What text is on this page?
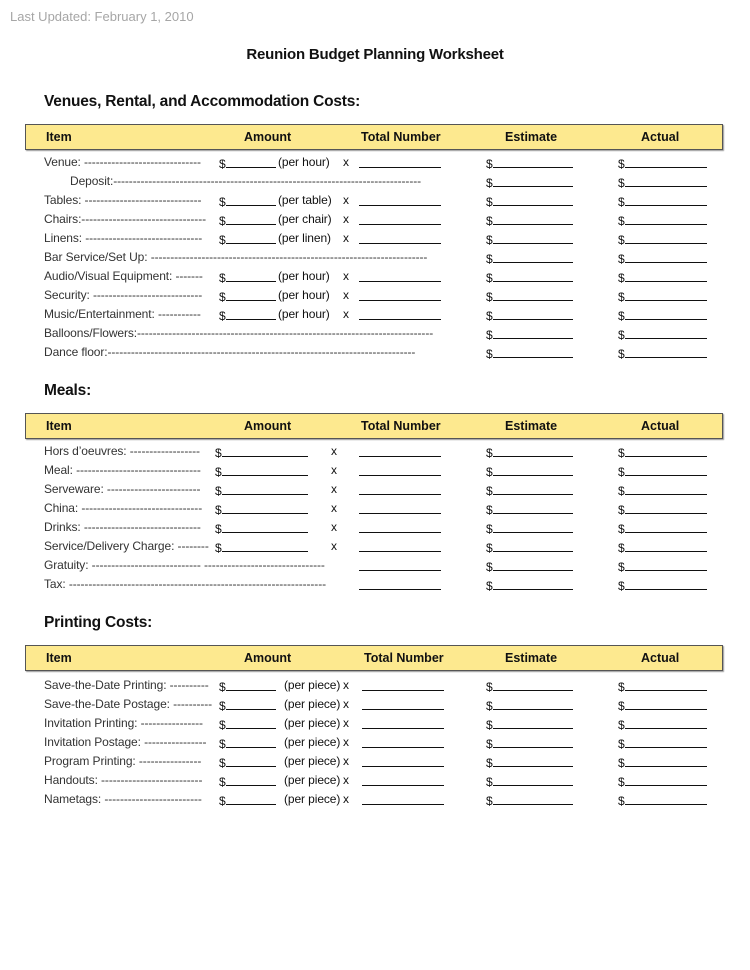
Last Updated: February 1, 2010
Reunion Budget Planning Worksheet
Venues, Rental, and Accommodation Costs:
Item	Amount	Total Number	Estimate	Actual
Venue: ------------------------------ $	(per hour) x	$	$
Deposit:-------------------------------------------------------------------------------	$	$
Tables: ------------------------------ $	(per table) x	$	$
Chairs:-------------------------------- $	(per chair) x	$	$
Linens: ------------------------------ $	(per linen) x	$	$
Bar Service/Set Up: -----------------------------------------------------------------------	$	$
Audio/Visual Equipment: ------- $	(per hour) x	$	$
Security: ---------------------------- $	(per hour) x	$	$
Music/Entertainment: ----------- $	(per hour) x	$	$
Balloons/Flowers:----------------------------------------------------------------------------	$	$
Dance floor:-------------------------------------------------------------------------------	$	$
Meals:
Item	Amount	Total Number	Estimate	Actual
Hors d’oeuvres: ------------------ $	x	$	$
Meal: -------------------------------- $	x	$	$
Serveware: ------------------------ $	x	$	$
China: ------------------------------- $	x	$	$
Drinks: ------------------------------ $	x	$	$
Service/Delivery Charge: -------- $	x	$	$
Gratuity: ---------------------------- -------------------------------	$	$
Tax: ------------------------------------------------------------------	$	$
Printing Costs:
Item	Amount	Total Number	Estimate	Actual
Save-the-Date Printing: ---------- $	(per piece) x	$	$
Save-the-Date Postage: ---------- $	(per piece) x	$	$
Invitation Printing: ---------------- $	(per piece) x	$	$
Invitation Postage: ---------------- $	(per piece) x	$	$
Program Printing: ---------------- $	(per piece) x	$	$
Handouts: -------------------------- $	(per piece) x	$	$
Nametags: ------------------------- $	(per piece) x	$	$
